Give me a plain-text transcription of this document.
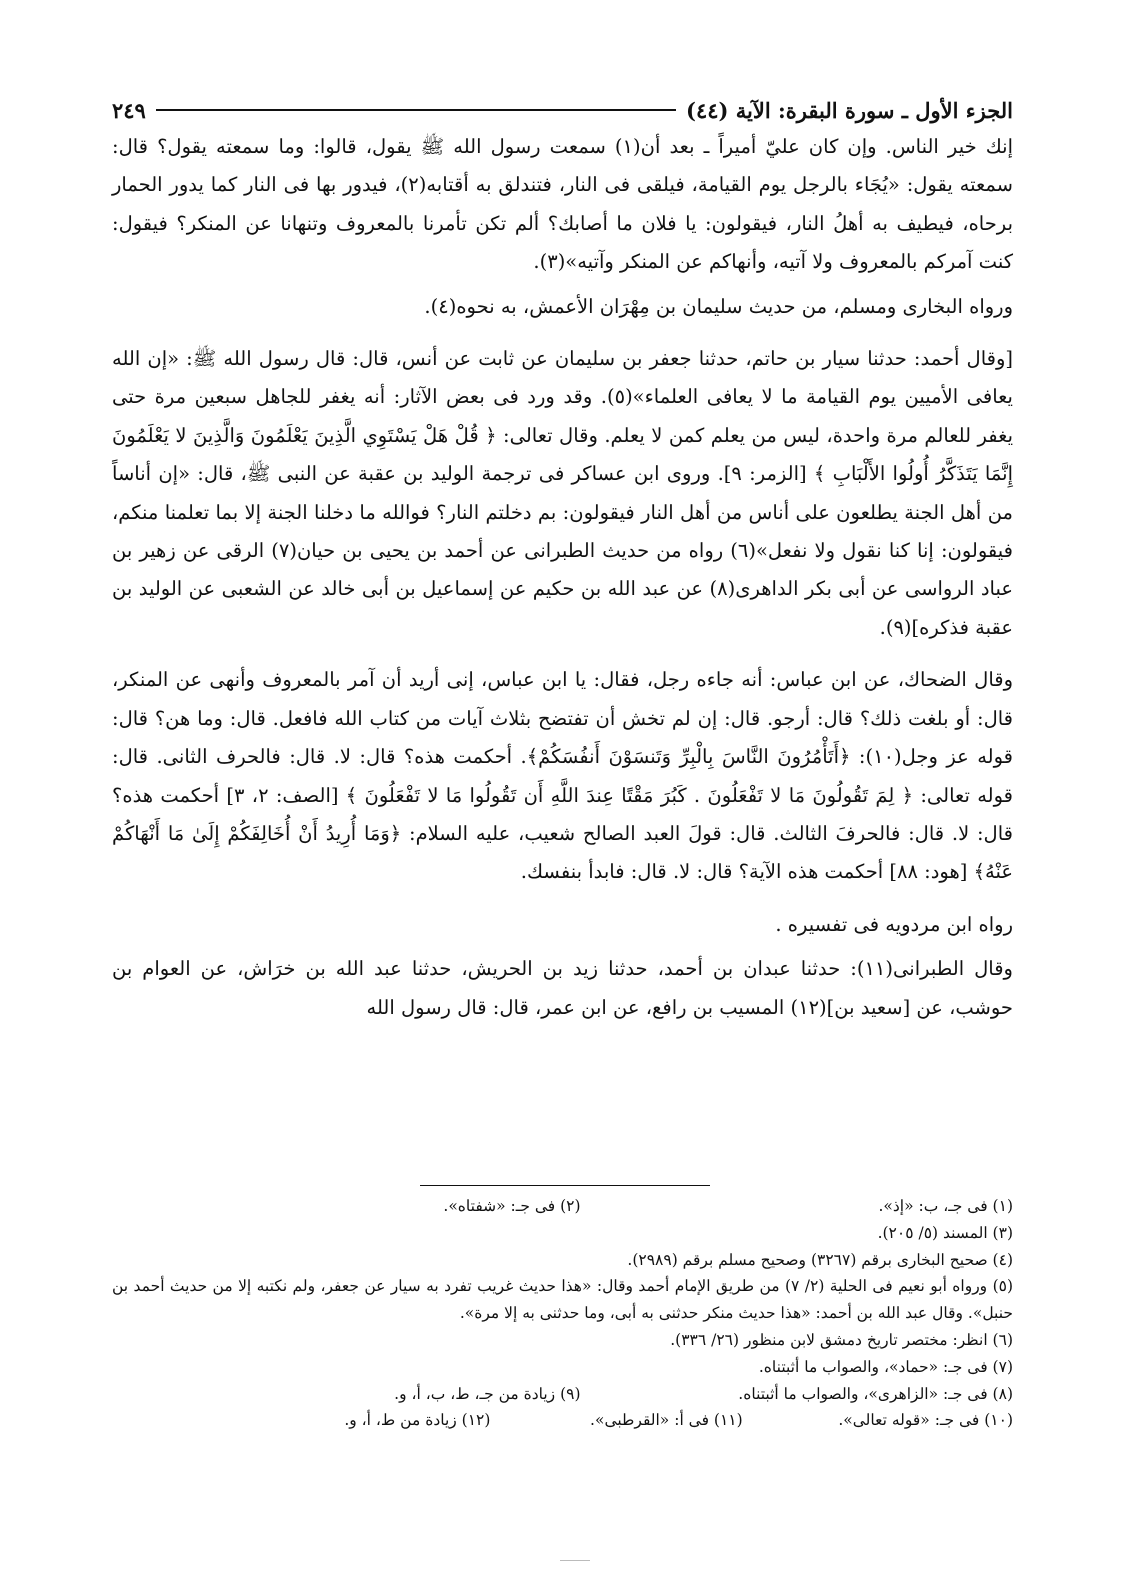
الجزء الأول ـ سورة البقرة: الآية (٤٤)
٢٤٩

إنك خير الناس. وإن كان عليّ أميراً ـ بعد أن(١) سمعت رسول الله ﷺ يقول، قالوا: وما سمعته يقول؟ قال: سمعته يقول: «يُجَاء بالرجل يوم القيامة، فيلقى فى النار، فتندلق به أقتابه(٢)، فيدور بها فى النار كما يدور الحمار برحاه، فيطيف به أهلُ النار، فيقولون: يا فلان ما أصابك؟ ألم تكن تأمرنا بالمعروف وتنهانا عن المنكر؟ فيقول: كنت آمركم بالمعروف ولا آتيه، وأنهاكم عن المنكر وآتيه»(٣).

ورواه البخارى ومسلم، من حديث سليمان بن مِهْرَان الأعمش، به نحوه(٤).

[وقال أحمد: حدثنا سيار بن حاتم، حدثنا جعفر بن سليمان عن ثابت عن أنس، قال: قال رسول الله ﷺ: «إن الله يعافى الأميين يوم القيامة ما لا يعافى العلماء»(٥). وقد ورد فى بعض الآثار: أنه يغفر للجاهل سبعين مرة حتى يغفر للعالم مرة واحدة، ليس من يعلم كمن لا يعلم. وقال تعالى: ﴿ قُلْ هَلْ يَسْتَوِي الَّذِينَ يَعْلَمُونَ وَالَّذِينَ لا يَعْلَمُونَ إِنَّمَا يَتَذَكَّرُ أُولُوا الأَلْبَابِ ﴾ [الزمر: ٩]. وروى ابن عساكر فى ترجمة الوليد بن عقبة عن النبى ﷺ، قال: «إن أناساً من أهل الجنة يطلعون على أناس من أهل النار فيقولون: بم دخلتم النار؟ فوالله ما دخلنا الجنة إلا بما تعلمنا منكم، فيقولون: إنا كنا نقول ولا نفعل»(٦) رواه من حديث الطبرانى عن أحمد بن يحيى بن حيان(٧) الرقى عن زهير بن عباد الرواسى عن أبى بكر الداهرى(٨) عن عبد الله بن حكيم عن إسماعيل بن أبى خالد عن الشعبى عن الوليد بن عقبة فذكره](٩).

وقال الضحاك، عن ابن عباس: أنه جاءه رجل، فقال: يا ابن عباس، إنى أريد أن آمر بالمعروف وأنهى عن المنكر، قال: أو بلغت ذلك؟ قال: أرجو. قال: إن لم تخش أن تفتضح بثلاث آيات من كتاب الله فافعل. قال: وما هن؟ قال: قوله عز وجل(١٠): ﴿أَتَأْمُرُونَ النَّاسَ بِالْبِرِّ وَتَنسَوْنَ أَنفُسَكُمْ﴾. أحكمت هذه؟ قال: لا. قال: فالحرف الثانى. قال: قوله تعالى: ﴿ لِمَ تَقُولُونَ مَا لا تَفْعَلُونَ . كَبُرَ مَقْتًا عِندَ اللَّهِ أَن تَقُولُوا مَا لا تَفْعَلُونَ ﴾ [الصف: ٢، ٣] أحكمت هذه؟ قال: لا. قال: فالحرفَ الثالث. قال: قولَ العبد الصالح شعيب، عليه السلام: ﴿وَمَا أُرِيدُ أَنْ أُخَالِفَكُمْ إِلَىٰ مَا أَنْهَاكُمْ عَنْهُ﴾ [هود: ٨٨] أحكمت هذه الآية؟ قال: لا. قال: فابدأ بنفسك.

رواه ابن مردويه فى تفسيره .

وقال الطبرانى(١١): حدثنا عبدان بن أحمد، حدثنا زيد بن الحريش، حدثنا عبد الله بن خرَاش، عن العوام بن حوشب، عن [سعيد بن](١٢) المسيب بن رافع، عن ابن عمر، قال: قال رسول الله

(١) فى جـ، ب: «إذ».
(٢) فى جـ: «شفتاه».
(٣) المسند (٥/ ٢٠٥).
(٤) صحيح البخارى برقم (٣٢٦٧) وصحيح مسلم برقم (٢٩٨٩).
(٥) ورواه أبو نعيم فى الحلية (٢/ ٧) من طريق الإمام أحمد وقال: «هذا حديث غريب تفرد به سيار عن جعفر، ولم نكتبه إلا من حديث أحمد بن حنبل». وقال عبد الله بن أحمد: «هذا حديث منكر حدثنى به أبى، وما حدثنى به إلا مرة».
(٦) انظر: مختصر تاريخ دمشق لابن منظور (٢٦/ ٣٣٦).
(٧) فى جـ: «حماد»، والصواب ما أثبتناه.
(٨) فى جـ: «الزاهرى»، والصواب ما أثبتناه.
(٩) زيادة من جـ، ط، ب، أ، و.
(١٠) فى جـ: «قوله تعالى».
(١١) فى أ: «القرطبى».
(١٢) زيادة من ط، أ، و.
